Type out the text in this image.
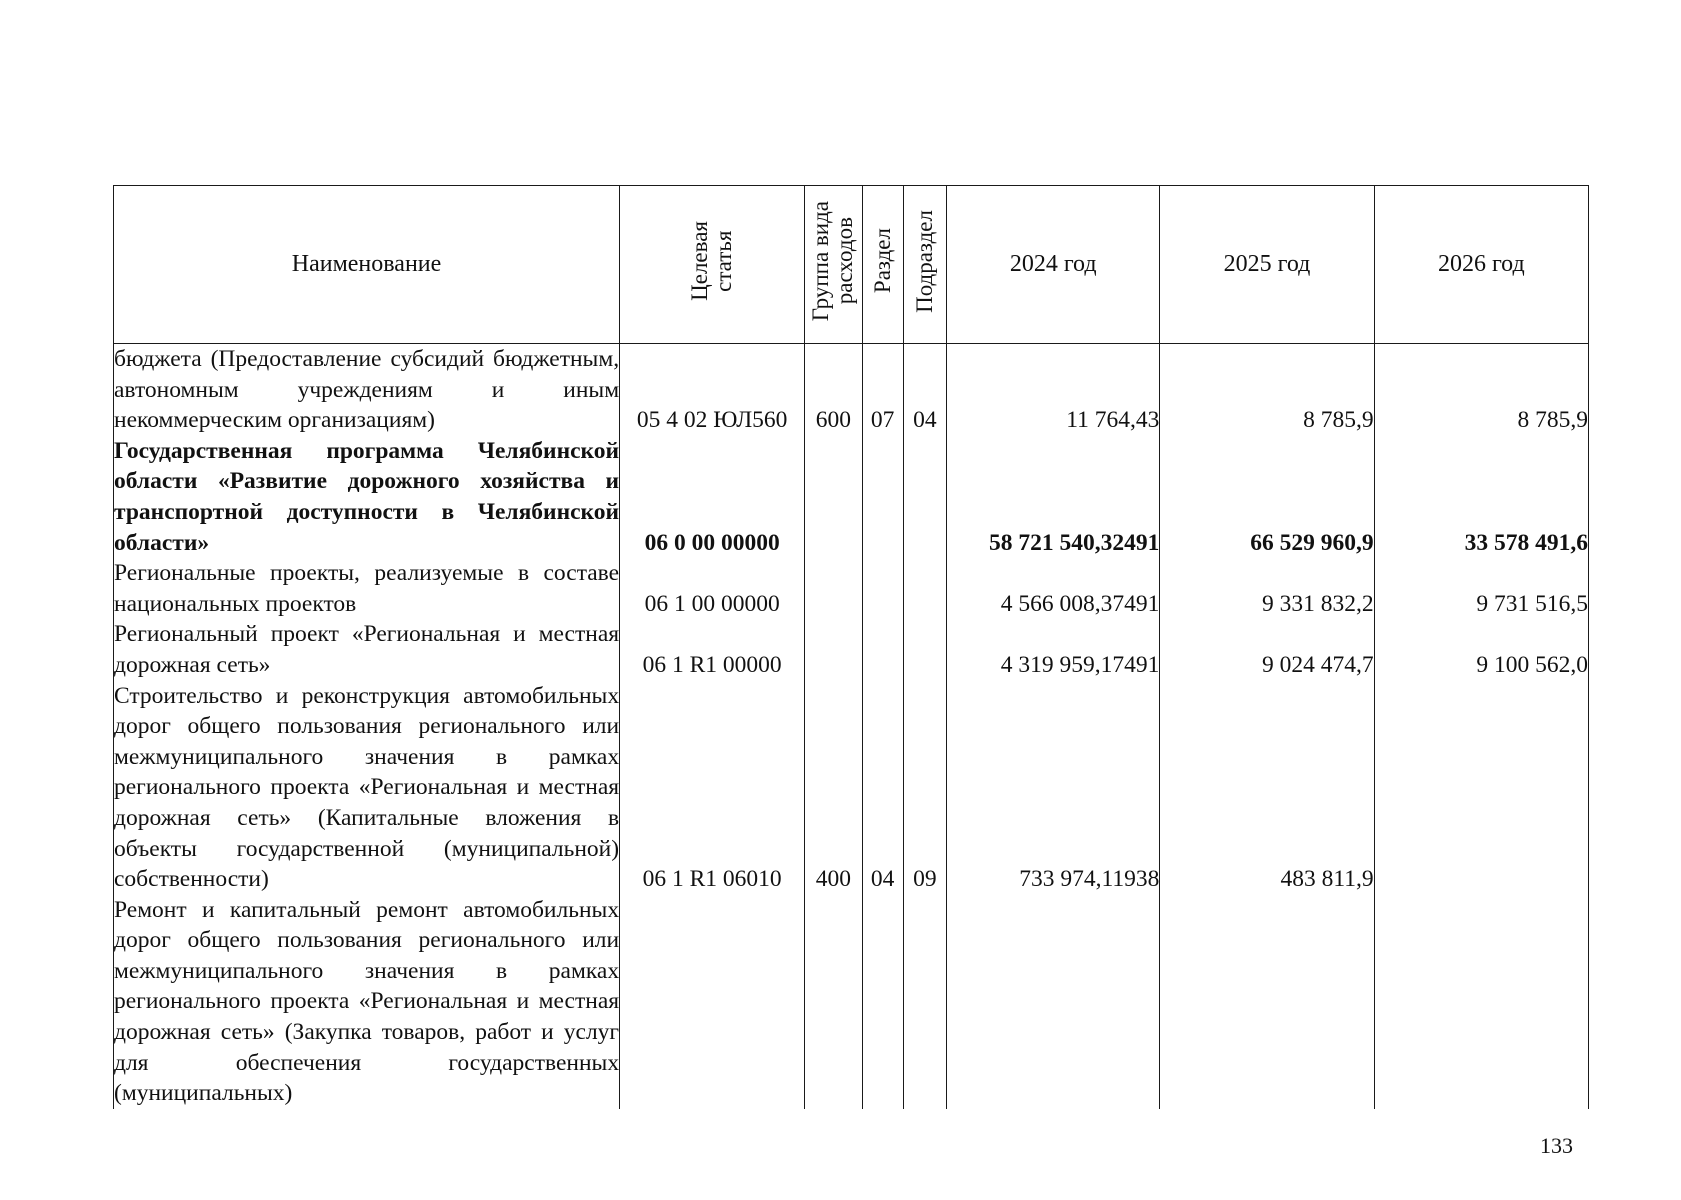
Наименование	Целевая статья	Группа вида расходов	Раздел	Подраздел	2024 год	2025 год	2026 год
бюджета (Предоставление субсидий бюджетным, автономным учреждениям и иным некоммерческим организациям)	05 4 02 ЮЛ560	600	07	04	11 764,43	8 785,9	8 785,9
Государственная программа Челябинской области «Развитие дорожного хозяйства и транспортной доступности в Челябинской области»	06 0 00 00000				58 721 540,32491	66 529 960,9	33 578 491,6
Региональные проекты, реализуемые в составе национальных проектов	06 1 00 00000				4 566 008,37491	9 331 832,2	9 731 516,5
Региональный проект «Региональная и местная дорожная сеть»	06 1 R1 00000				4 319 959,17491	9 024 474,7	9 100 562,0
Строительство и реконструкция автомобильных дорог общего пользования регионального или межмуниципального значения в рамках регионального проекта «Региональная и местная дорожная сеть» (Капитальные вложения в объекты государственной (муниципальной) собственности)	06 1 R1 06010	400	04	09	733 974,11938	483 811,9	
Ремонт и капитальный ремонт автомобильных дорог общего пользования регионального или межмуниципального значения в рамках регионального проекта «Региональная и местная дорожная сеть» (Закупка товаров, работ и услуг для обеспечения государственных (муниципальных)							
133
